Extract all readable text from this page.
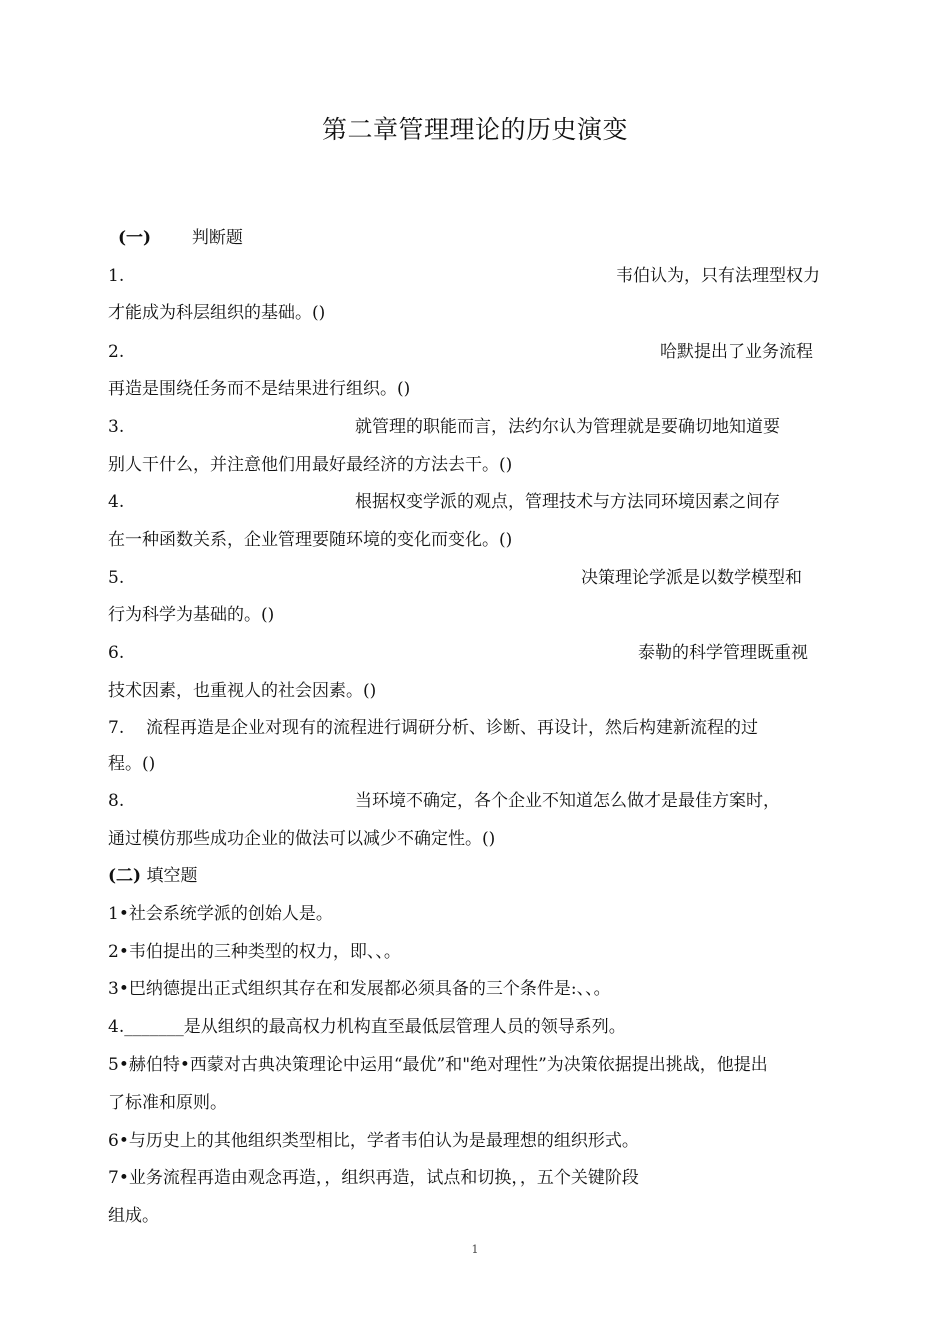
第二章管理理论的历史演变
(一) 判断题
1.	韦伯认为，只有法理型权力
才能成为科层组织的基础。()
2.	哈默提出了业务流程
再造是围绕任务而不是结果进行组织。()
3.	就管理的职能而言，法约尔认为管理就是要确切地知道要
别人干什么，并注意他们用最好最经济的方法去干。()
4.	根据权变学派的观点，管理技术与方法同环境因素之间存
在一种函数关系，企业管理要随环境的变化而变化。()
5.	决策理论学派是以数学模型和
行为科学为基础的。()
6.	泰勒的科学管理既重视
技术因素，也重视人的社会因素。()
7. 流程再造是企业对现有的流程进行调研分析、诊断、再设计，然后构建新流程的过
程。()
8.	当环境不确定，各个企业不知道怎么做才是最佳方案时，
通过模仿那些成功企业的做法可以减少不确定性。()
(二) 填空题
1•社会系统学派的创始人是。
2•韦伯提出的三种类型的权力，即、、。
3•巴纳德提出正式组织其存在和发展都必须具备的三个条件是:、、。
4._______是从组织的最高权力机构直至最低层管理人员的领导系列。
5•赫伯特•西蒙对古典决策理论中运用“最优”和"绝对理性”为决策依据提出挑战，他提出
了标准和原则。
6•与历史上的其他组织类型相比，学者韦伯认为是最理想的组织形式。
7•业务流程再造由观念再造，，组织再造，试点和切换，，五个关键阶段
组成。
1
